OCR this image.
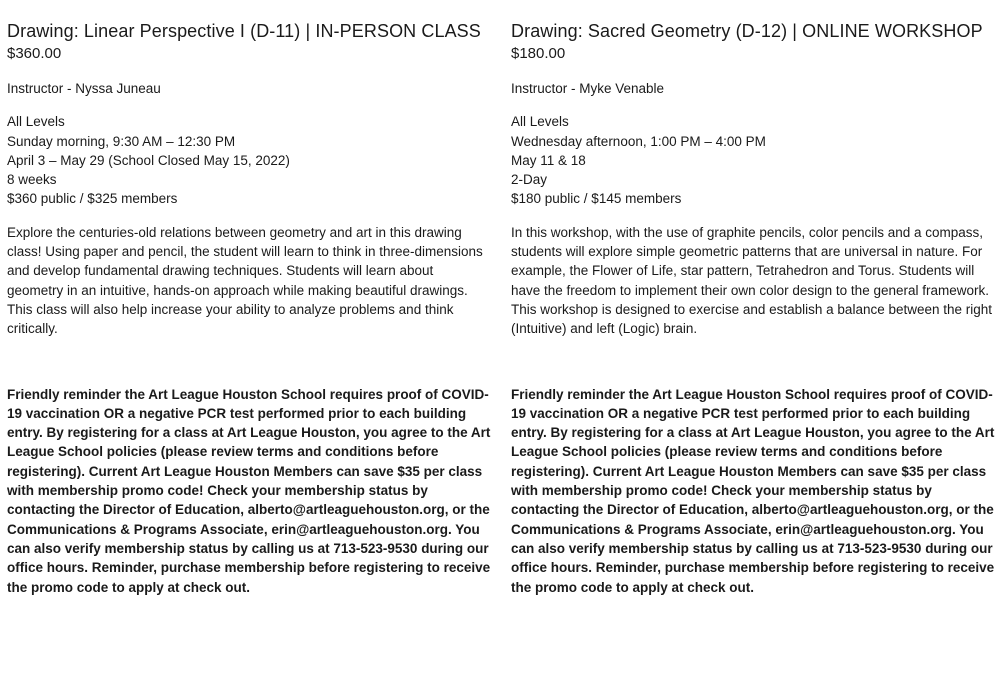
Drawing: Linear Perspective I (D-11) | IN-PERSON CLASS

$360.00

Instructor - Nyssa Juneau

All Levels

Sunday morning, 9:30 AM – 12:30 PM

April 3 – May 29 (School Closed May 15, 2022)

8 weeks

$360 public / $325 members

Explore the centuries-old relations between geometry and art in this drawing class! Using paper and pencil, the student will learn to think in three-dimensions and develop fundamental drawing techniques. Students will learn about geometry in an intuitive, hands-on approach while making beautiful drawings. This class will also help increase your ability to analyze problems and think critically.

Friendly reminder the Art League Houston School requires proof of COVID-19 vaccination OR a negative PCR test performed prior to each building entry. By registering for a class at Art League Houston, you agree to the Art League School policies (please review terms and conditions before registering). Current Art League Houston Members can save $35 per class with membership promo code! Check your membership status by contacting the Director of Education, alberto@artleaguehouston.org, or the Communications & Programs Associate, erin@artleaguehouston.org. You can also verify membership status by calling us at 713-523-9530 during our office hours. Reminder, purchase membership before registering to receive the promo code to apply at check out.

Drawing: Sacred Geometry (D-12) | ONLINE WORKSHOP

$180.00

Instructor - Myke Venable

All Levels

Wednesday afternoon, 1:00 PM – 4:00 PM

May 11 & 18

2-Day

$180 public / $145 members

In this workshop, with the use of graphite pencils, color pencils and a compass, students will explore simple geometric patterns that are universal in nature. For example, the Flower of Life, star pattern, Tetrahedron and Torus. Students will have the freedom to implement their own color design to the general framework. This workshop is designed to exercise and establish a balance between the right (Intuitive) and left (Logic) brain.

Friendly reminder the Art League Houston School requires proof of COVID-19 vaccination OR a negative PCR test performed prior to each building entry. By registering for a class at Art League Houston, you agree to the Art League School policies (please review terms and conditions before registering). Current Art League Houston Members can save $35 per class with membership promo code! Check your membership status by contacting the Director of Education, alberto@artleaguehouston.org, or the Communications & Programs Associate, erin@artleaguehouston.org. You can also verify membership status by calling us at 713-523-9530 during our office hours. Reminder, purchase membership before registering to receive the promo code to apply at check out.
